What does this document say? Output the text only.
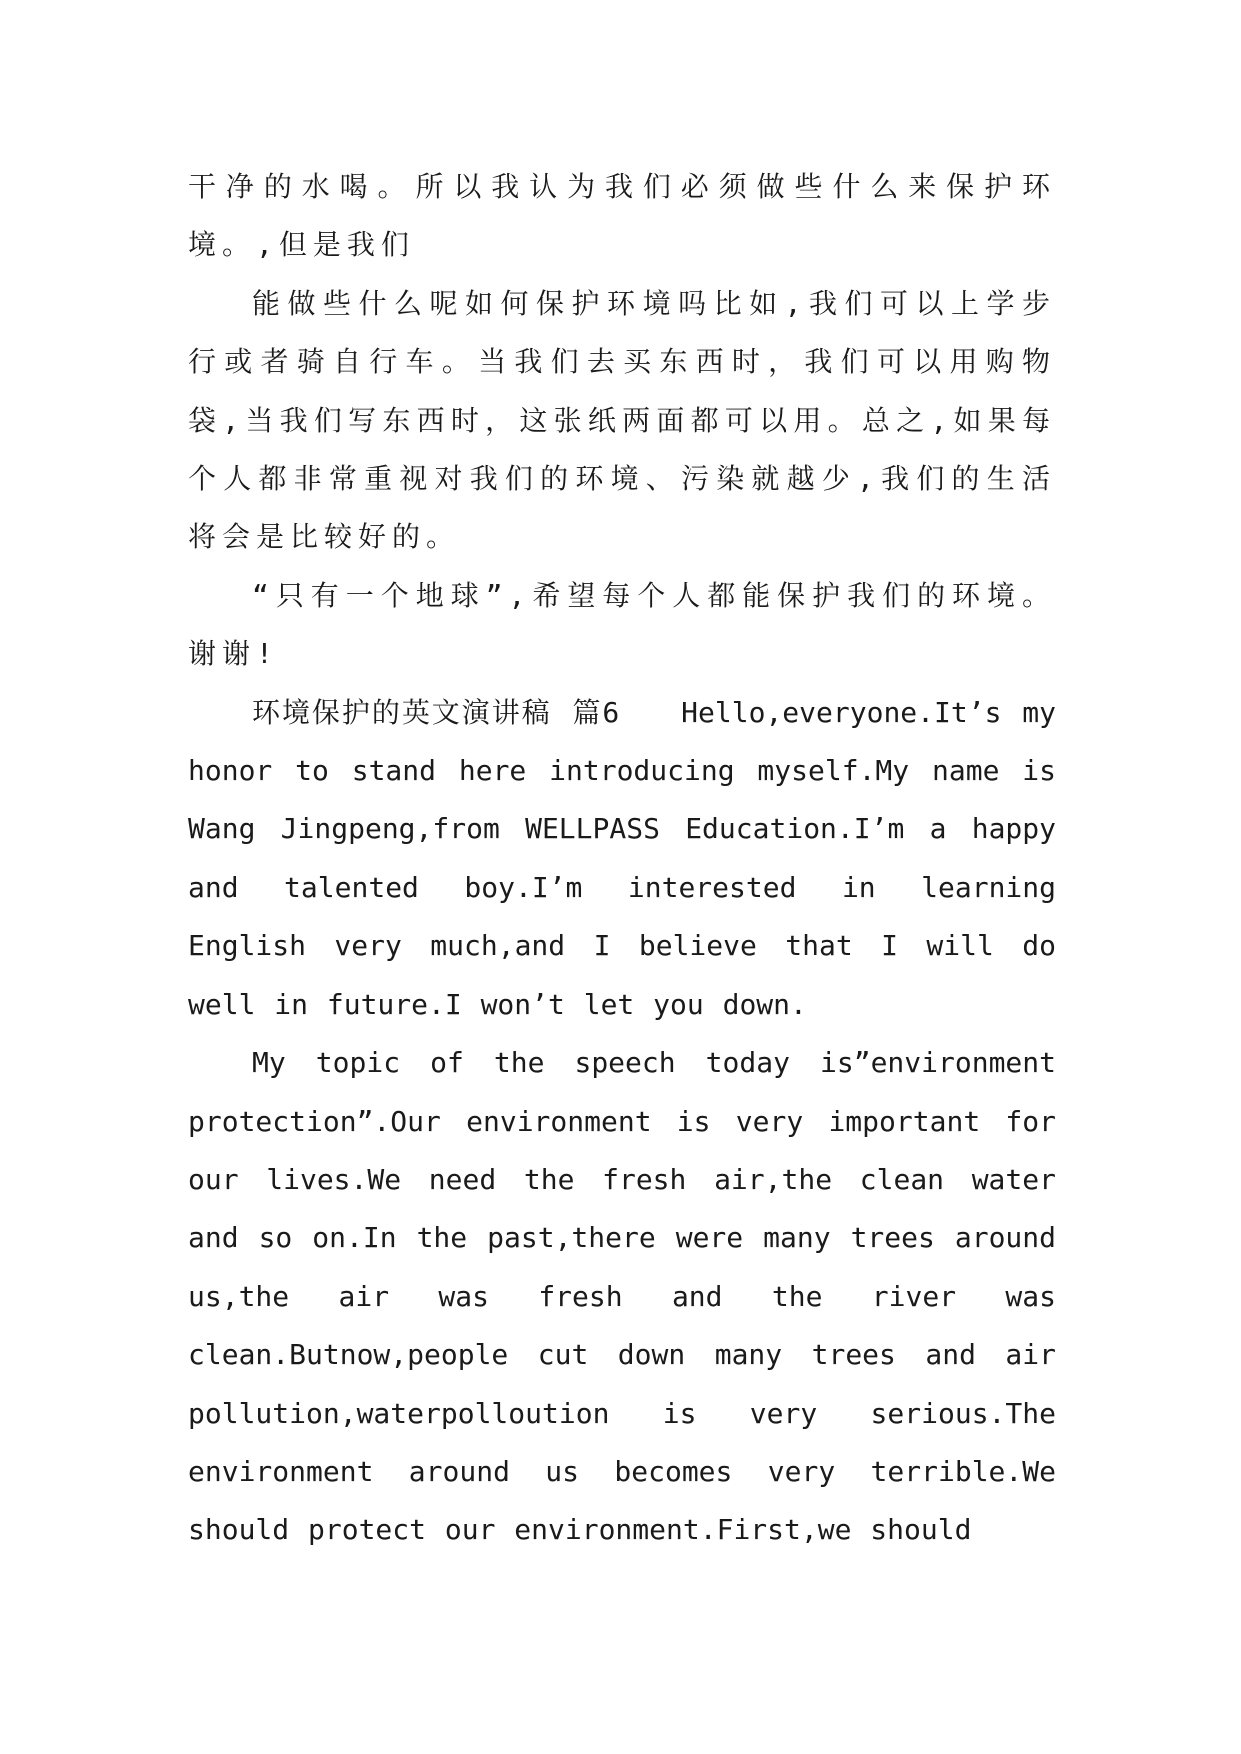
干净的水喝。所以我认为我们必须做些什么来保护环境。,但是我们

能做些什么呢如何保护环境吗比如,我们可以上学步行或者骑自行车。当我们去买东西时，我们可以用购物袋,当我们写东西时，这张纸两面都可以用。总之,如果每个人都非常重视对我们的环境、污染就越少,我们的生活将会是比较好的。

“只有一个地球”,希望每个人都能保护我们的环境。谢谢!

环境保护的英文演讲稿 篇6　　Hello,everyone.It’s my honor to stand here introducing myself.My name is Wang Jingpeng,from WELLPASS Education.I’m a happy and talented boy.I’m interested in learning English very much,and I believe that I will do well in future.I won’t let you down.

My topic of the speech today is”environment protection”.Our environment is very important for our lives.We need the fresh air,the clean water and so on.In the past,there were many trees around us,the air was fresh and the river was clean.Butnow,people cut down many trees and air pollution,waterpolloution is very serious.The environment around us becomes very terrible.We should protect our environment.First,we should
